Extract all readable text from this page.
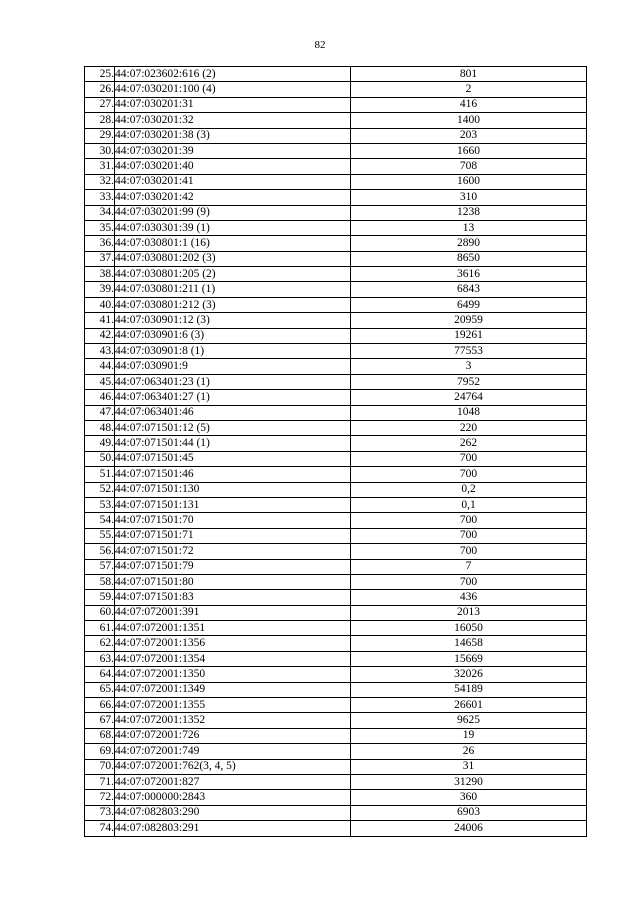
82
25.	44:07:023602:616 (2)	801
26.	44:07:030201:100 (4)	2
27.	44:07:030201:31	416
28.	44:07:030201:32	1400
29.	44:07:030201:38 (3)	203
30.	44:07:030201:39	1660
31.	44:07:030201:40	708
32.	44:07:030201:41	1600
33.	44:07:030201:42	310
34.	44:07:030201:99 (9)	1238
35.	44:07:030301:39 (1)	13
36.	44:07:030801:1 (16)	2890
37.	44:07:030801:202 (3)	8650
38.	44:07:030801:205 (2)	3616
39.	44:07:030801:211 (1)	6843
40.	44:07:030801:212 (3)	6499
41.	44:07:030901:12 (3)	20959
42.	44:07:030901:6 (3)	19261
43.	44:07:030901:8 (1)	77553
44.	44:07:030901:9	3
45.	44:07:063401:23 (1)	7952
46.	44:07:063401:27 (1)	24764
47.	44:07:063401:46	1048
48.	44:07:071501:12 (5)	220
49.	44:07:071501:44 (1)	262
50.	44:07:071501:45	700
51.	44:07:071501:46	700
52.	44:07:071501:130	0,2
53.	44:07:071501:131	0,1
54.	44:07:071501:70	700
55.	44:07:071501:71	700
56.	44:07:071501:72	700
57.	44:07:071501:79	7
58.	44:07:071501:80	700
59.	44:07:071501:83	436
60.	44:07:072001:391	2013
61.	44:07:072001:1351	16050
62.	44:07:072001:1356	14658
63.	44:07:072001:1354	15669
64.	44:07:072001:1350	32026
65.	44:07:072001:1349	54189
66.	44:07:072001:1355	26601
67.	44:07:072001:1352	9625
68.	44:07:072001:726	19
69.	44:07:072001:749	26
70.	44:07:072001:762(3, 4, 5)	31
71.	44:07:072001:827	31290
72.	44:07:000000:2843	360
73.	44:07:082803:290	6903
74.	44:07:082803:291	24006
